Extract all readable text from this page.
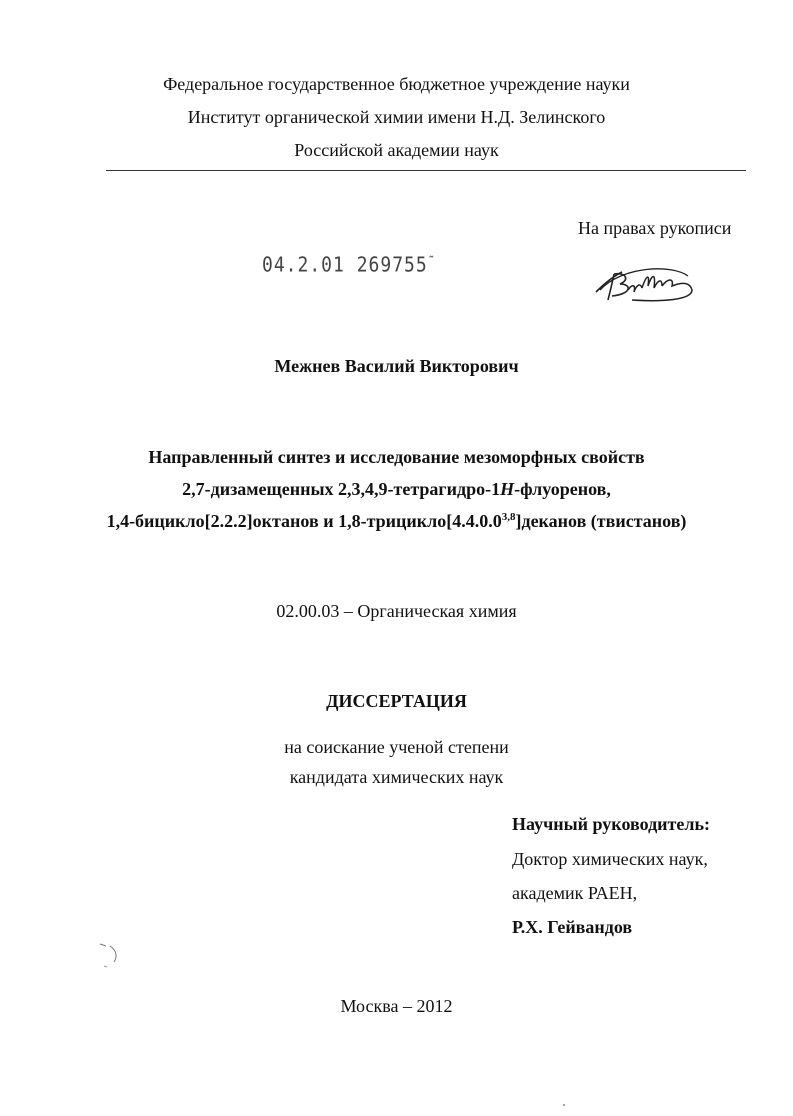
Федеральное государственное бюджетное учреждение науки
Институт органической химии имени Н.Д. Зелинского
Российской академии наук
На правах рукописи
04.2.01 269755˜
Межнев Василий Викторович
Направленный синтез и исследование мезоморфных свойств
2,7-дизамещенных 2,3,4,9-тетрагидро-1H-флуоренов,
1,4-бицикло[2.2.2]октанов и 1,8-трицикло[4.4.0.0$^{3,8}$]деканов (твистанов)
02.00.03 – Органическая химия
ДИССЕРТАЦИЯ
на соискание ученой степени
кандидата химических наук
Научный руководитель:
Доктор химических наук,
академик РАЕН,
Р.Х. Гейвандов
Москва – 2012
